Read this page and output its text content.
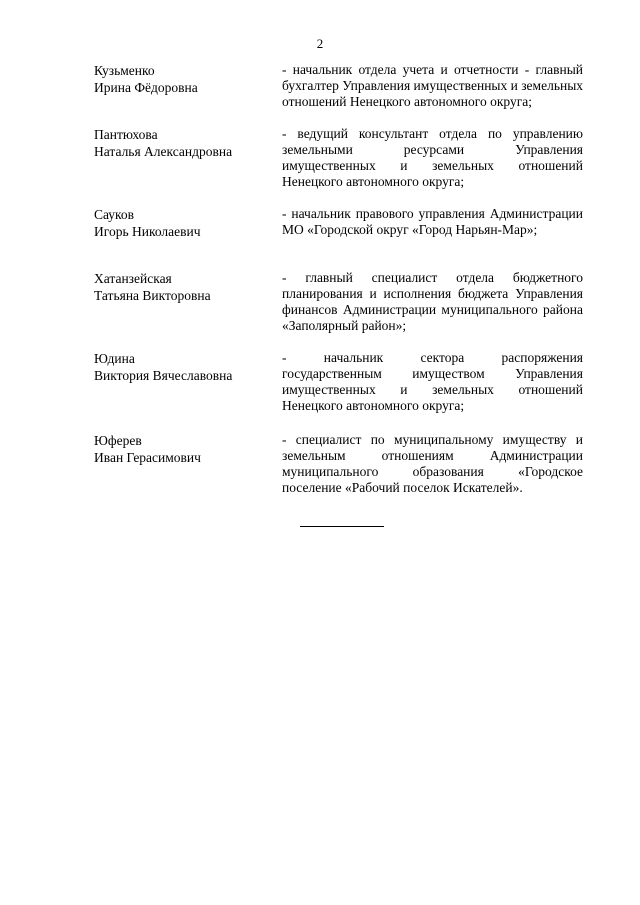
2
Кузьменко
Ирина Фёдоровна
- начальник отдела учета и отчетности - главный бухгалтер Управления имущественных и земельных отношений Ненецкого автономного округа;
Пантюхова
Наталья Александровна
- ведущий консультант отдела по управлению земельными ресурсами Управления имущественных и земельных отношений Ненецкого автономного округа;
Сауков
Игорь Николаевич
- начальник правового управления Администрации МО «Городской округ «Город Нарьян-Мар»;
Хатанзейская
Татьяна Викторовна
- главный специалист отдела бюджетного планирования и исполнения бюджета Управления финансов Администрации муниципального района «Заполярный район»;
Юдина
Виктория Вячеславовна
- начальник сектора распоряжения государственным имуществом Управления имущественных и земельных отношений Ненецкого автономного округа;
Юферев
Иван Герасимович
- специалист по муниципальному имуществу и земельным отношениям Администрации муниципального образования «Городское поселение «Рабочий поселок Искателей».
